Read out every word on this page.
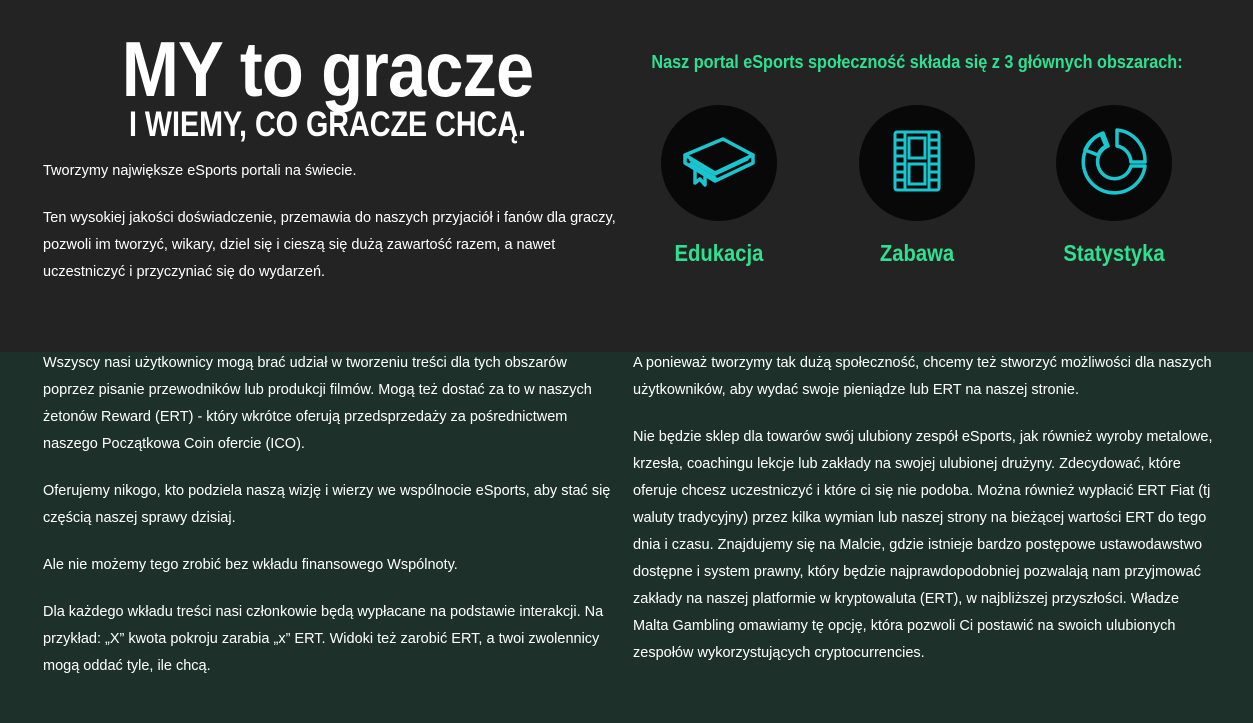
MY to gracze
I WIEMY, CO GRACZE CHCĄ.

Tworzymy największe eSports portali na świecie.

Ten wysokiej jakości doświadczenie, przemawia do naszych przyjaciół i fanów dla graczy, pozwoli im tworzyć, wikary, dziel się i cieszą się dużą zawartość razem, a nawet uczestniczyć i przyczyniać się do wydarzeń.

Nasz portal eSports społeczność składa się z 3 głównych obszarach:
Edukacja	Zabawa	Statystyka

Wszyscy nasi użytkownicy mogą brać udział w tworzeniu treści dla tych obszarów poprzez pisanie przewodników lub produkcji filmów. Mogą też dostać za to w naszych żetonów Reward (ERT) - który wkrótce oferują przedsprzedaży za pośrednictwem naszego Początkowa Coin ofercie (ICO).

Oferujemy nikogo, kto podziela naszą wizję i wierzy we wspólnocie eSports, aby stać się częścią naszej sprawy dzisiaj.

Ale nie możemy tego zrobić bez wkładu finansowego Wspólnoty.

Dla każdego wkładu treści nasi członkowie będą wypłacane na podstawie interakcji. Na przykład: „X” kwota pokroju zarabia „x” ERT. Widoki też zarobić ERT, a twoi zwolennicy mogą oddać tyle, ile chcą.

A ponieważ tworzymy tak dużą społeczność, chcemy też stworzyć możliwości dla naszych użytkowników, aby wydać swoje pieniądze lub ERT na naszej stronie.

Nie będzie sklep dla towarów swój ulubiony zespół eSports, jak również wyroby metalowe, krzesła, coachingu lekcje lub zakłady na swojej ulubionej drużyny. Zdecydować, które oferuje chcesz uczestniczyć i które ci się nie podoba. Można również wypłacić ERT Fiat (tj waluty tradycyjny) przez kilka wymian lub naszej strony na bieżącej wartości ERT do tego dnia i czasu. Znajdujemy się na Malcie, gdzie istnieje bardzo postępowe ustawodawstwo dostępne i system prawny, który będzie najprawdopodobniej pozwalają nam przyjmować zakłady na naszej platformie w kryptowaluta (ERT), w najbliższej przyszłości. Władze Malta Gambling omawiamy tę opcję, która pozwoli Ci postawić na swoich ulubionych zespołów wykorzystujących cryptocurrencies.
